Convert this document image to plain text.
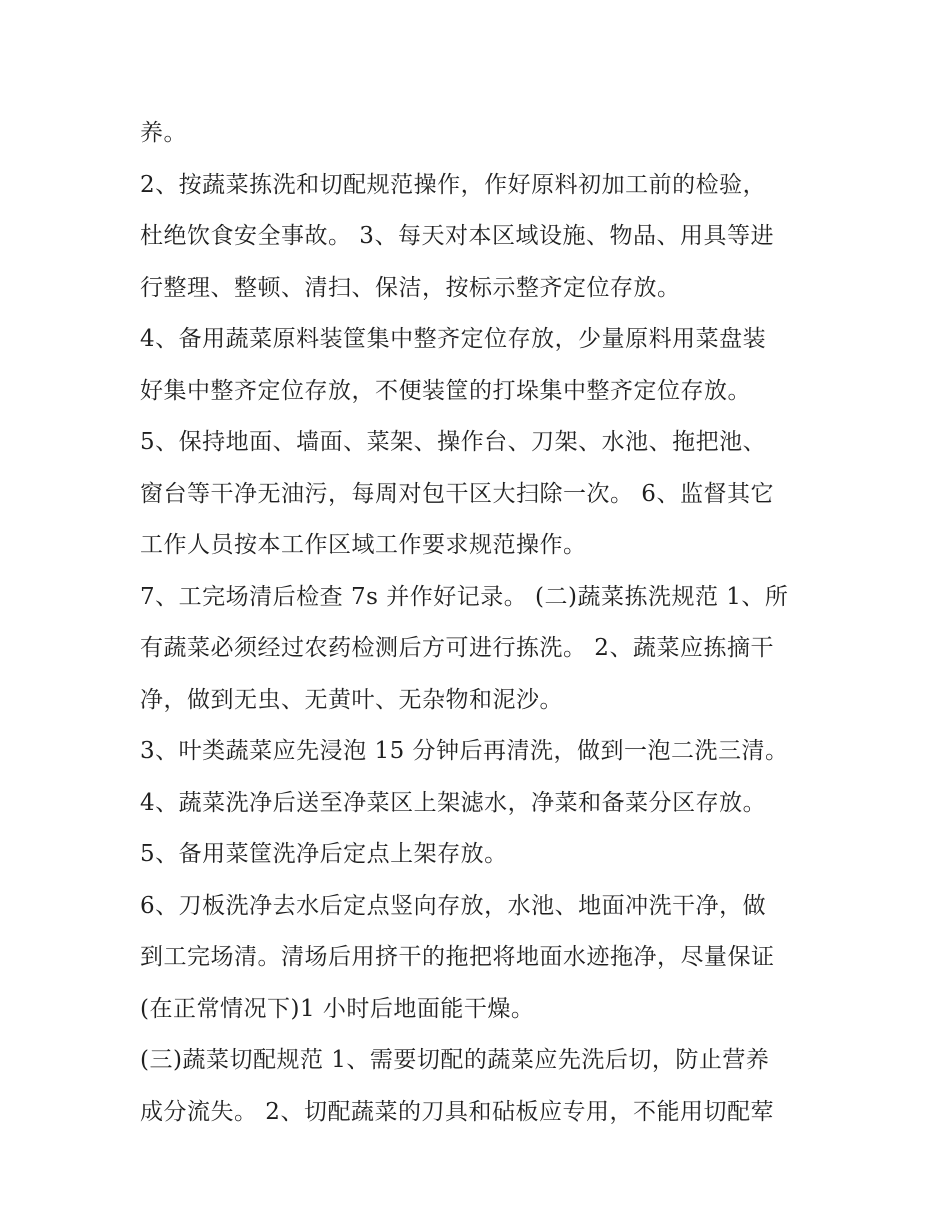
养。
2、按蔬菜拣洗和切配规范操作，作好原料初加工前的检验，
杜绝饮食安全事故。 3、每天对本区域设施、物品、用具等进
行整理、整顿、清扫、保洁，按标示整齐定位存放。
4、备用蔬菜原料装筐集中整齐定位存放，少量原料用菜盘装
好集中整齐定位存放，不便装筐的打垛集中整齐定位存放。
5、保持地面、墙面、菜架、操作台、刀架、水池、拖把池、
窗台等干净无油污，每周对包干区大扫除一次。 6、监督其它
工作人员按本工作区域工作要求规范操作。
7、工完场清后检查 7s 并作好记录。 (二)蔬菜拣洗规范 1、所
有蔬菜必须经过农药检测后方可进行拣洗。 2、蔬菜应拣摘干
净，做到无虫、无黄叶、无杂物和泥沙。
3、叶类蔬菜应先浸泡 15 分钟后再清洗，做到一泡二洗三清。
4、蔬菜洗净后送至净菜区上架滤水，净菜和备菜分区存放。
5、备用菜筐洗净后定点上架存放。
6、刀板洗净去水后定点竖向存放，水池、地面冲洗干净，做
到工完场清。清场后用挤干的拖把将地面水迹拖净，尽量保证
(在正常情况下)1 小时后地面能干燥。
(三)蔬菜切配规范 1、需要切配的蔬菜应先洗后切，防止营养
成分流失。 2、切配蔬菜的刀具和砧板应专用，不能用切配荤
